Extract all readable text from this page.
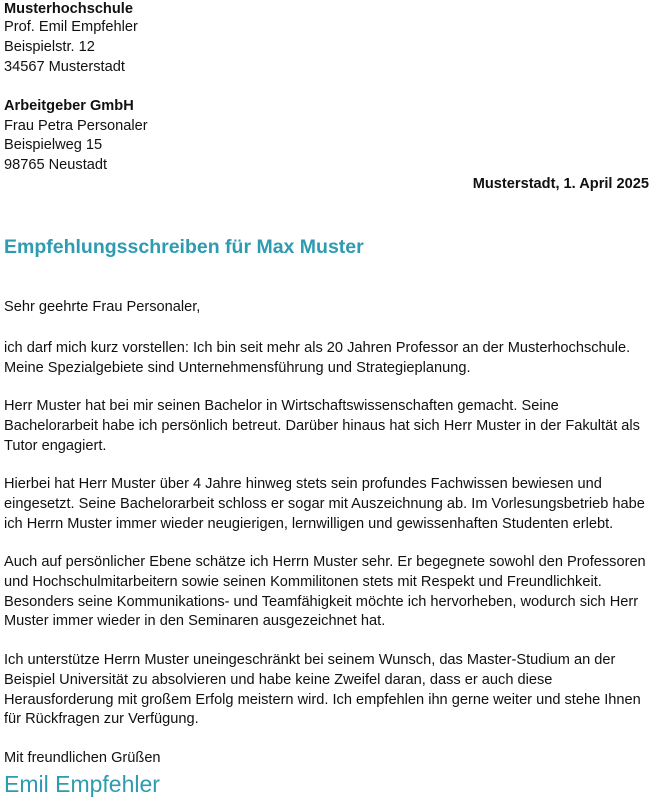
Musterhochschule
Prof. Emil Empfehler
Beispielstr. 12
34567 Musterstadt
Arbeitgeber GmbH
Frau Petra Personaler
Beispielweg 15
98765 Neustadt
Musterstadt, 1. April 2025
Empfehlungsschreiben für Max Muster
Sehr geehrte Frau Personaler,
ich darf mich kurz vorstellen: Ich bin seit mehr als 20 Jahren Professor an der Musterhochschule. Meine Spezialgebiete sind Unternehmensführung und Strategieplanung.
Herr Muster hat bei mir seinen Bachelor in Wirtschaftswissenschaften gemacht. Seine Bachelorarbeit habe ich persönlich betreut. Darüber hinaus hat sich Herr Muster in der Fakultät als Tutor engagiert.
Hierbei hat Herr Muster über 4 Jahre hinweg stets sein profundes Fachwissen bewiesen und eingesetzt. Seine Bachelorarbeit schloss er sogar mit Auszeichnung ab. Im Vorlesungsbetrieb habe ich Herrn Muster immer wieder neugierigen, lernwilligen und gewissenhaften Studenten erlebt.
Auch auf persönlicher Ebene schätze ich Herrn Muster sehr. Er begegnete sowohl den Professoren und Hochschulmitarbeitern sowie seinen Kommilitonen stets mit Respekt und Freundlichkeit. Besonders seine Kommunikations- und Teamfähigkeit möchte ich hervorheben, wodurch sich Herr Muster immer wieder in den Seminaren ausgezeichnet hat.
Ich unterstütze Herrn Muster uneingeschränkt bei seinem Wunsch, das Master-Studium an der Beispiel Universität zu absolvieren und habe keine Zweifel daran, dass er auch diese Herausforderung mit großem Erfolg meistern wird. Ich empfehlen ihn gerne weiter und stehe Ihnen für Rückfragen zur Verfügung.
Mit freundlichen Grüßen
Emil Empfehler
